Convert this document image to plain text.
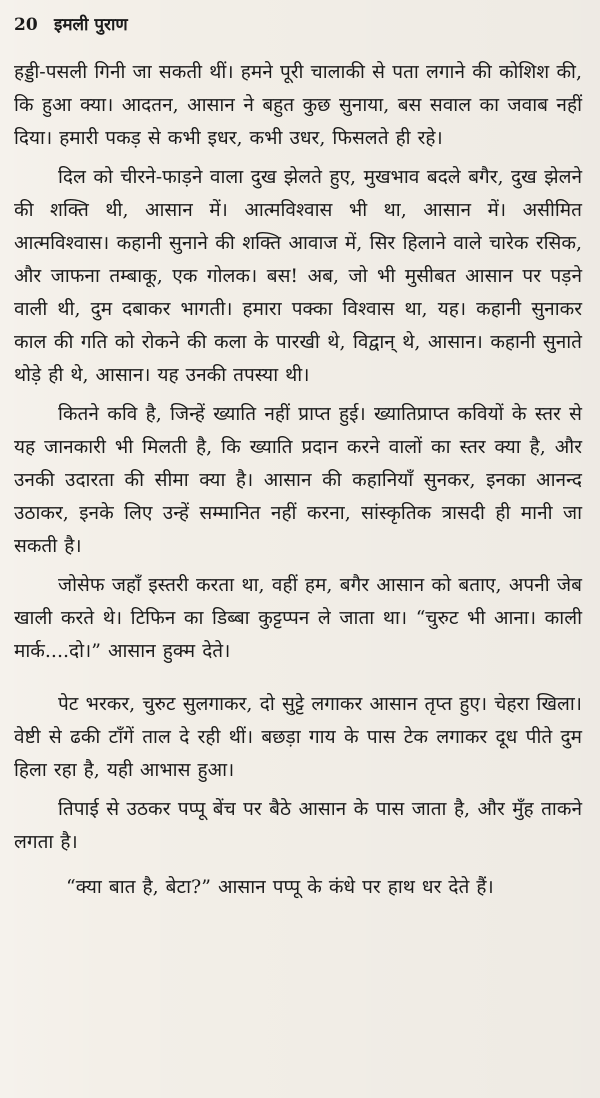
20 इमली पुराण

हड्डी-पसली गिनी जा सकती थीं। हमने पूरी चालाकी से पता लगाने की कोशिश की, कि हुआ क्या। आदतन, आसान ने बहुत कुछ सुनाया, बस सवाल का जवाब नहीं दिया। हमारी पकड़ से कभी इधर, कभी उधर, फिसलते ही रहे।

दिल को चीरने-फाड़ने वाला दुख झेलते हुए, मुखभाव बदले बगैर, दुख झेलने की शक्ति थी, आसान में। आत्मविश्वास भी था, आसान में। असीमित आत्मविश्वास। कहानी सुनाने की शक्ति आवाज में, सिर हिलाने वाले चारेक रसिक, और जाफना तम्बाकू, एक गोलक। बस! अब, जो भी मुसीबत आसान पर पड़ने वाली थी, दुम दबाकर भागती। हमारा पक्का विश्वास था, यह। कहानी सुनाकर काल की गति को रोकने की कला के पारखी थे, विद्वान् थे, आसान। कहानी सुनाते थोड़े ही थे, आसान। यह उनकी तपस्या थी।

कितने कवि है, जिन्हें ख्याति नहीं प्राप्त हुई। ख्यातिप्राप्त कवियों के स्तर से यह जानकारी भी मिलती है, कि ख्याति प्रदान करने वालों का स्तर क्या है, और उनकी उदारता की सीमा क्या है। आसान की कहानियाँ सुनकर, इनका आनन्द उठाकर, इनके लिए उन्हें सम्मानित नहीं करना, सांस्कृतिक त्रासदी ही मानी जा सकती है।

जोसेफ जहाँ इस्तरी करता था, वहीं हम, बगैर आसान को बताए, अपनी जेब खाली करते थे। टिफिन का डिब्बा कुट्टप्पन ले जाता था। “चुरुट भी आना। काली मार्क....दो।” आसान हुक्म देते।

पेट भरकर, चुरुट सुलगाकर, दो सुट्टे लगाकर आसान तृप्त हुए। चेहरा खिला। वेष्टी से ढकी टाँगें ताल दे रही थीं। बछड़ा गाय के पास टेक लगाकर दूध पीते दुम हिला रहा है, यही आभास हुआ।

तिपाई से उठकर पप्पू बेंच पर बैठे आसान के पास जाता है, और मुँह ताकने लगता है।

“क्या बात है, बेटा?” आसान पप्पू के कंधे पर हाथ धर देते हैं।
